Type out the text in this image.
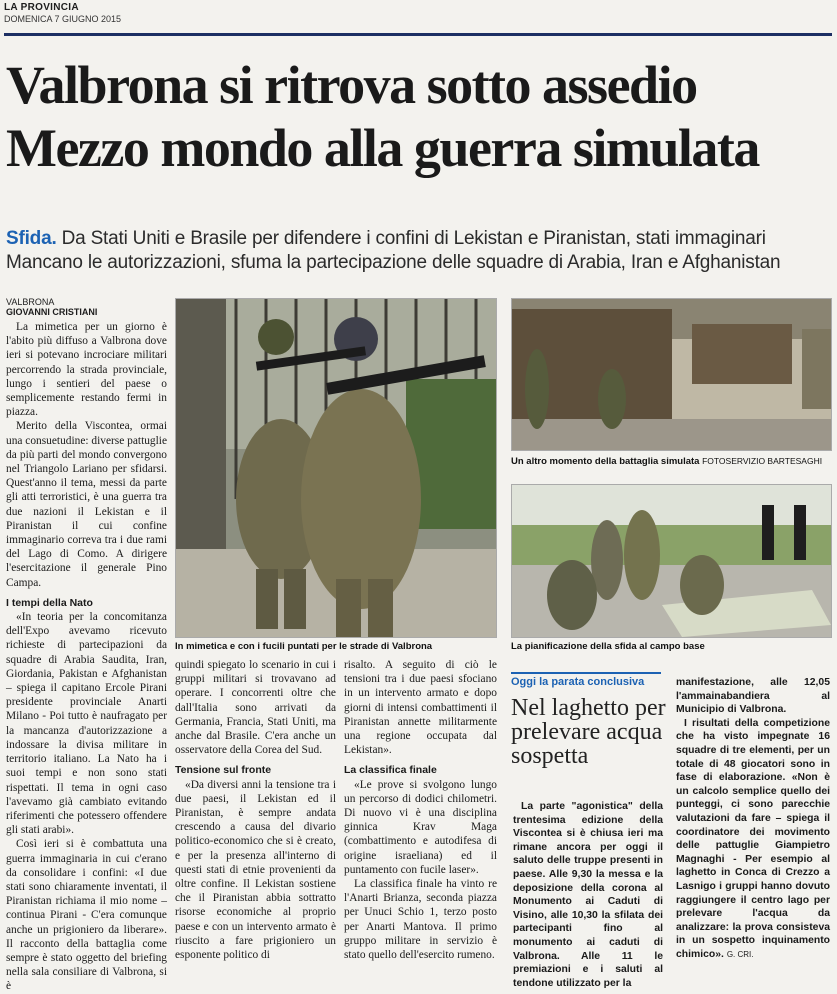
LA PROVINCIA
DOMENICA 7 GIUGNO 2015
Valbrona si ritrova sotto assedio
Mezzo mondo alla guerra simulata
Sfida. Da Stati Uniti e Brasile per difendere i confini di Lekistan e Piranistan, stati immaginari
Mancano le autorizzazioni, sfuma la partecipazione delle squadre di Arabia, Iran e Afghanistan
VALBRONA
GIOVANNI CRISTIANI

La mimetica per un giorno è l'abito più diffuso a Valbrona dove ieri si potevano incrociare militari percorrendo la strada provinciale, lungo i sentieri del paese o semplicemente restando fermi in piazza.

Merito della Viscontea, ormai una consuetudine: diverse pattuglie da più parti del mondo convergono nel Triangolo Lariano per sfidarsi. Quest'anno il tema, messi da parte gli atti terroristici, è una guerra tra due nazioni il Lekistan e il Piranistan il cui confine immaginario correva tra i due rami del Lago di Como. A dirigere l'esercitazione il generale Pino Campa.

I tempi della Nato

«In teoria per la concomitanza dell'Expo avevamo ricevuto richieste di partecipazioni da squadre di Arabia Saudita, Iran, Giordania, Pakistan e Afghanistan – spiega il capitano Ercole Pirani presidente provinciale Anarti Milano - Poi tutto è naufragato per la mancanza d'autorizzazione a indossare la divisa militare in territorio italiano. La Nato ha i suoi tempi e non sono stati rispettati. Il tema in ogni caso l'avevamo già cambiato evitando riferimenti che potessero offendere gli stati arabi».

Così ieri si è combattuta una guerra immaginaria in cui c'erano da consolidare i confini: «I due stati sono chiaramente inventati, il Piranistan richiama il mio nome – continua Pirani - C'era comunque anche un prigioniero da liberare». Il racconto della battaglia come sempre è stato oggetto del briefing nella sala consiliare di Valbrona, si è

In mimetica e con i fucili puntati per le strade di Valbrona

quindi spiegato lo scenario in cui i gruppi militari si trovavano ad operare. I concorrenti oltre che dall'Italia sono arrivati da Germania, Francia, Stati Uniti, ma anche dal Brasile. C'era anche un osservatore della Corea del Sud.

Tensione sul fronte

«Da diversi anni la tensione tra i due paesi, il Lekistan ed il Piranistan, è sempre andata crescendo a causa del divario politico-economico che si è creato, e per la presenza all'interno di questi stati di etnie provenienti da oltre confine. Il Lekistan sostiene che il Piranistan abbia sottratto risorse economiche al proprio paese e con un intervento armato è riuscito a fare prigioniero un esponente politico di

risalto. A seguito di ciò le tensioni tra i due paesi sfociano in un intervento armato e dopo giorni di intensi combattimenti il Piranistan annette militarmente una regione occupata dal Lekistan».

La classifica finale

«Le prove si svolgono lungo un percorso di dodici chilometri. Di nuovo vi è una disciplina ginnica Krav Maga (combattimento e autodifesa di origine israeliana) ed il puntamento con fucile laser».

La classifica finale ha vinto re l'Anarti Brianza, seconda piazza per Unuci Schio 1, terzo posto per Anarti Mantova. Il primo gruppo militare in servizio è stato quello dell'esercito rumeno.

Un altro momento della battaglia simulata FOTOSERVIZIO BARTESAGHI
La pianificazione della sfida al campo base
Oggi la parata conclusiva
Nel laghetto per prelevare acqua sospetta

La parte "agonistica" della trentesima edizione della Viscontea si è chiusa ieri ma rimane ancora per oggi il saluto delle truppe presenti in paese. Alle 9,30 la messa e la deposizione della corona al Monumento ai Caduti di Visino, alle 10,30 la sfilata dei partecipanti fino al monumento ai caduti di Valbrona. Alle 11 le premiazioni e i saluti al tendone utilizzato per la

manifestazione, alle 12,05 l'ammainabandiera al Municipio di Valbrona.

I risultati della competizione che ha visto impegnate 16 squadre di tre elementi, per un totale di 48 giocatori sono in fase di elaborazione. «Non è un calcolo semplice quello dei punteggi, ci sono parecchie valutazioni da fare – spiega il coordinatore dei movimento delle pattuglie Giampietro Magnaghi - Per esempio al laghetto in Conca di Crezzo a Lasnigo i gruppi hanno dovuto raggiungere il centro lago per prelevare l'acqua da analizzare: la prova consisteva in un sospetto inquinamento chimico». G. CRI.
